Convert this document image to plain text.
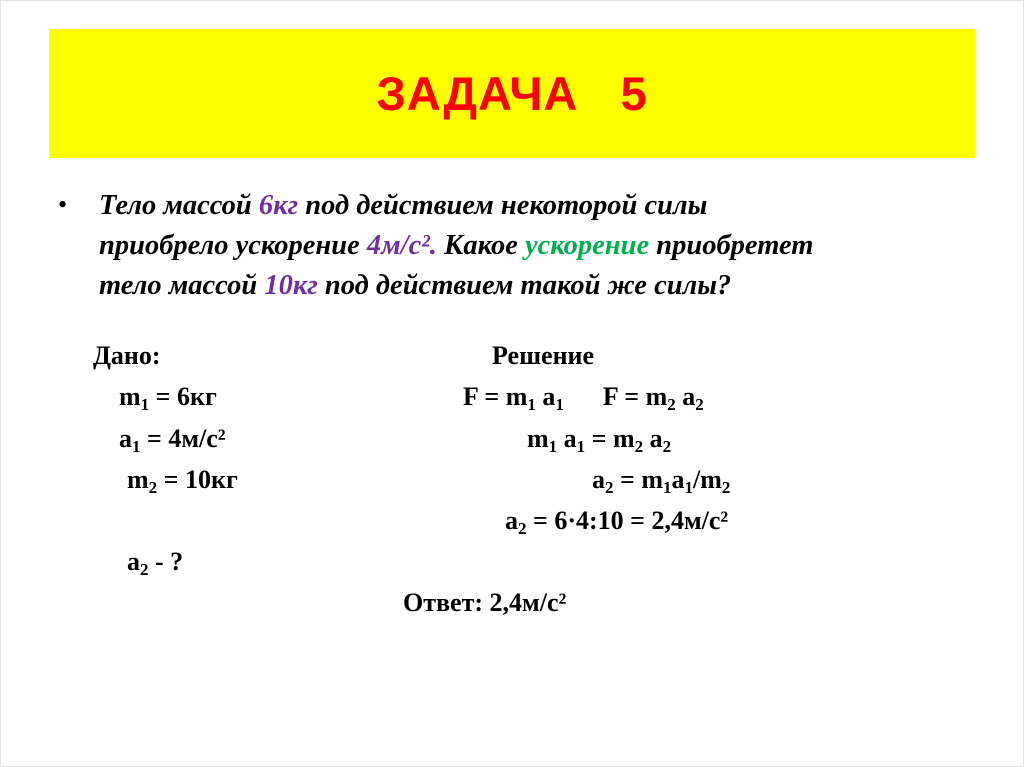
ЗАДАЧА   5
• Тело массой 6кг под действием некоторой силы
приобрело ускорение 4м/с². Какое ускорение приобретет
тело массой 10кг под действием такой же силы?
Дано:
$m_1 = 6кг$
$a_1 = 4м/с^2$
$m_2 = 10кг$
$a_2$ - ?
Решение
$F = m_1$ $a_1$      $F = m_2$ $a_2$
$m_1$ $a_1 = m_2$ $a_2$
$a_2 = m_1a_1/m_2$
$a_2$ = 6·4:10 = 2,4м/с²
Ответ: 2,4м/с²
